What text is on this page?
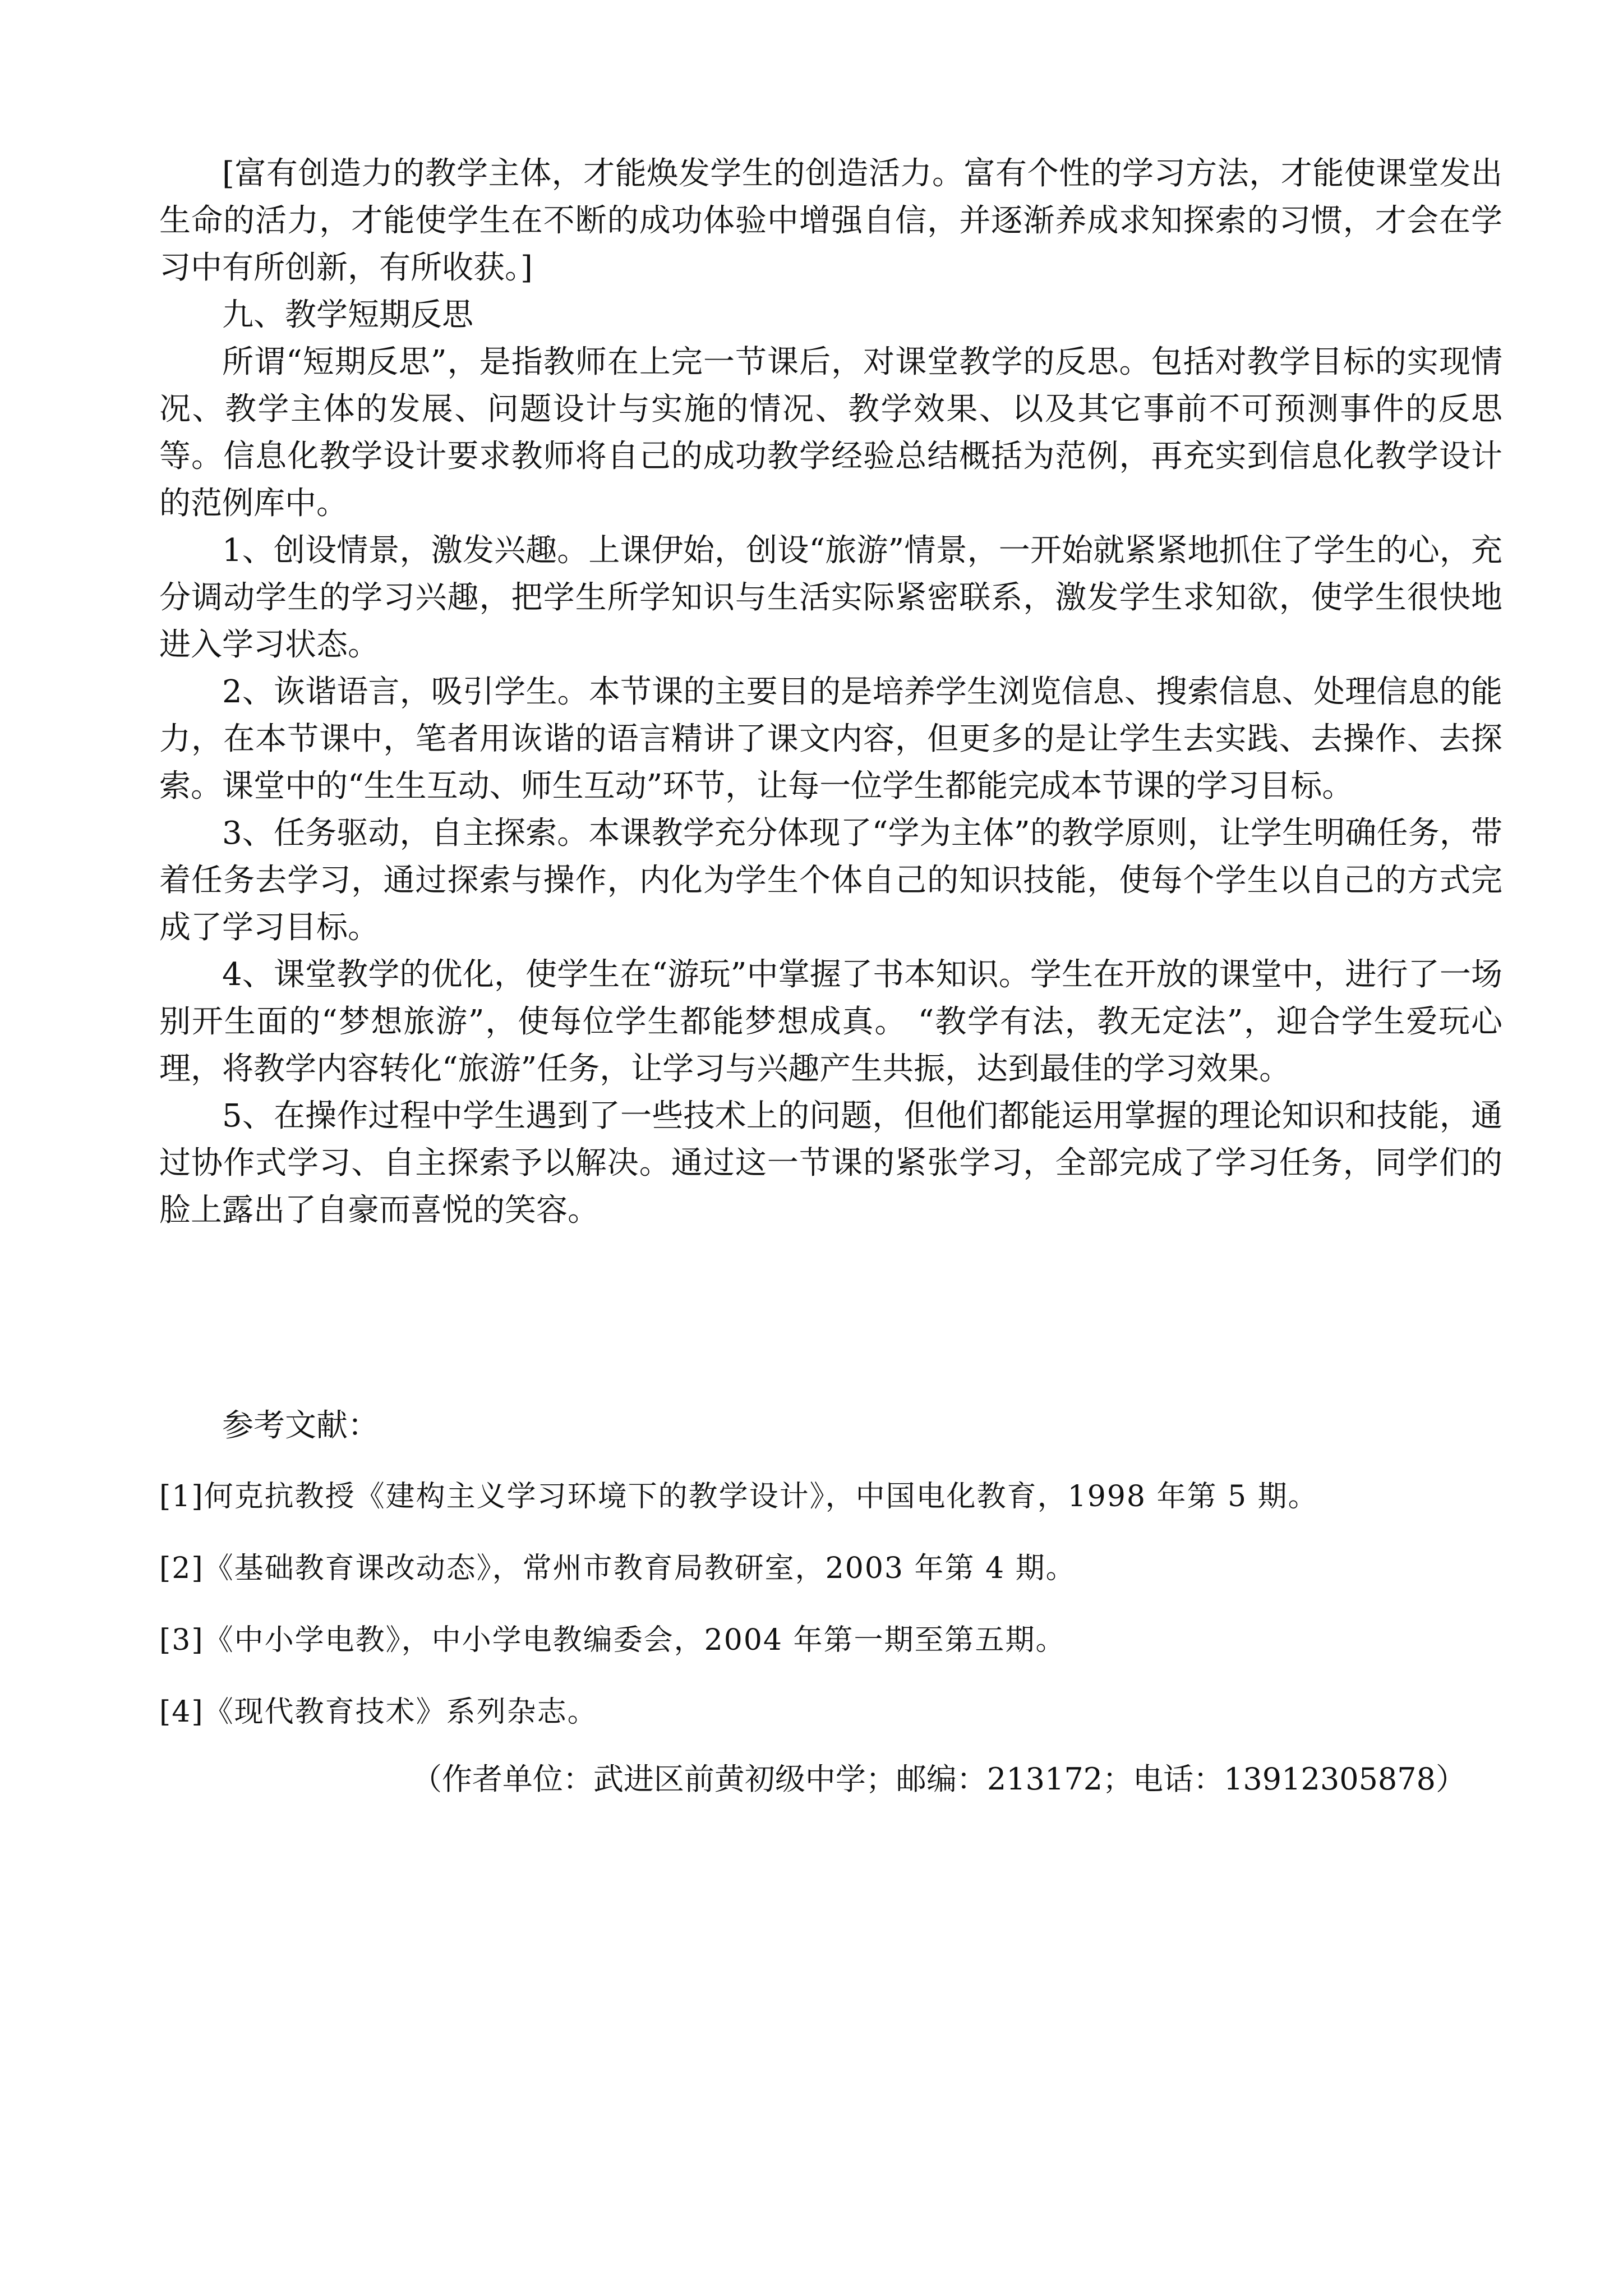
[富有创造力的教学主体，才能焕发学生的创造活力。富有个性的学习方法，才能使课堂发出生命的活力，才能使学生在不断的成功体验中增强自信，并逐渐养成求知探索的习惯，才会在学习中有所创新，有所收获。]

九、教学短期反思

所谓“短期反思”，是指教师在上完一节课后，对课堂教学的反思。包括对教学目标的实现情况、教学主体的发展、问题设计与实施的情况、教学效果、以及其它事前不可预测事件的反思等。信息化教学设计要求教师将自己的成功教学经验总结概括为范例，再充实到信息化教学设计的范例库中。

1、创设情景，激发兴趣。上课伊始，创设“旅游”情景，一开始就紧紧地抓住了学生的心，充分调动学生的学习兴趣，把学生所学知识与生活实际紧密联系，激发学生求知欲，使学生很快地进入学习状态。

2、诙谐语言，吸引学生。本节课的主要目的是培养学生浏览信息、搜索信息、处理信息的能力，在本节课中，笔者用诙谐的语言精讲了课文内容，但更多的是让学生去实践、去操作、去探索。课堂中的“生生互动、师生互动”环节，让每一位学生都能完成本节课的学习目标。

3、任务驱动，自主探索。本课教学充分体现了“学为主体”的教学原则，让学生明确任务，带着任务去学习，通过探索与操作，内化为学生个体自己的知识技能，使每个学生以自己的方式完成了学习目标。

4、课堂教学的优化，使学生在“游玩”中掌握了书本知识。学生在开放的课堂中，进行了一场别开生面的“梦想旅游”，使每位学生都能梦想成真。 “教学有法，教无定法”，迎合学生爱玩心理，将教学内容转化“旅游”任务，让学习与兴趣产生共振，达到最佳的学习效果。

5、在操作过程中学生遇到了一些技术上的问题，但他们都能运用掌握的理论知识和技能，通过协作式学习、自主探索予以解决。通过这一节课的紧张学习，全部完成了学习任务，同学们的脸上露出了自豪而喜悦的笑容。

参考文献：

[1]何克抗教授《建构主义学习环境下的教学设计》，中国电化教育，1998 年第 5 期。

[2]《基础教育课改动态》，常州市教育局教研室，2003 年第 4 期。

[3]《中小学电教》，中小学电教编委会，2004 年第一期至第五期。

[4]《现代教育技术》系列杂志。

（作者单位：武进区前黄初级中学；邮编：213172；电话：13912305878）
